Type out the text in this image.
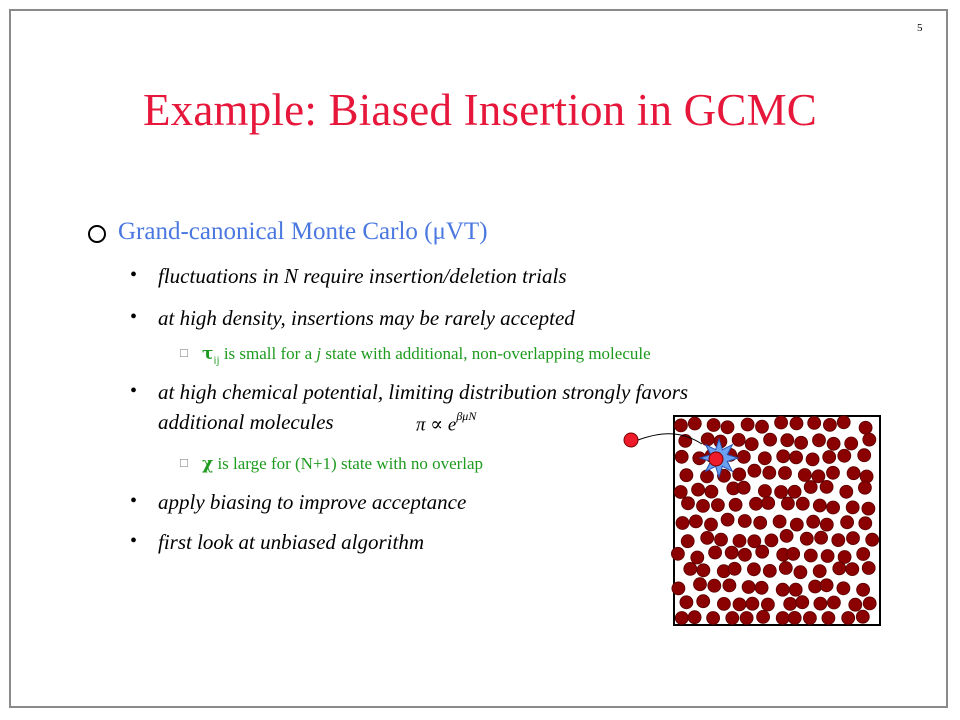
5
Example: Biased Insertion in GCMC
Grand-canonical Monte Carlo (μVT)
• fluctuations in N require insertion/deletion trials
• at high density, insertions may be rarely accepted
□ $\tau_{ij}$ is small for a j state with additional, non-overlapping molecule
• at high chemical potential, limiting distribution strongly favors
additional molecules	$\pi \propto e^{\beta\mu N}$
□ χ is large for (N+1) state with no overlap
• apply biasing to improve acceptance
• first look at unbiased algorithm
